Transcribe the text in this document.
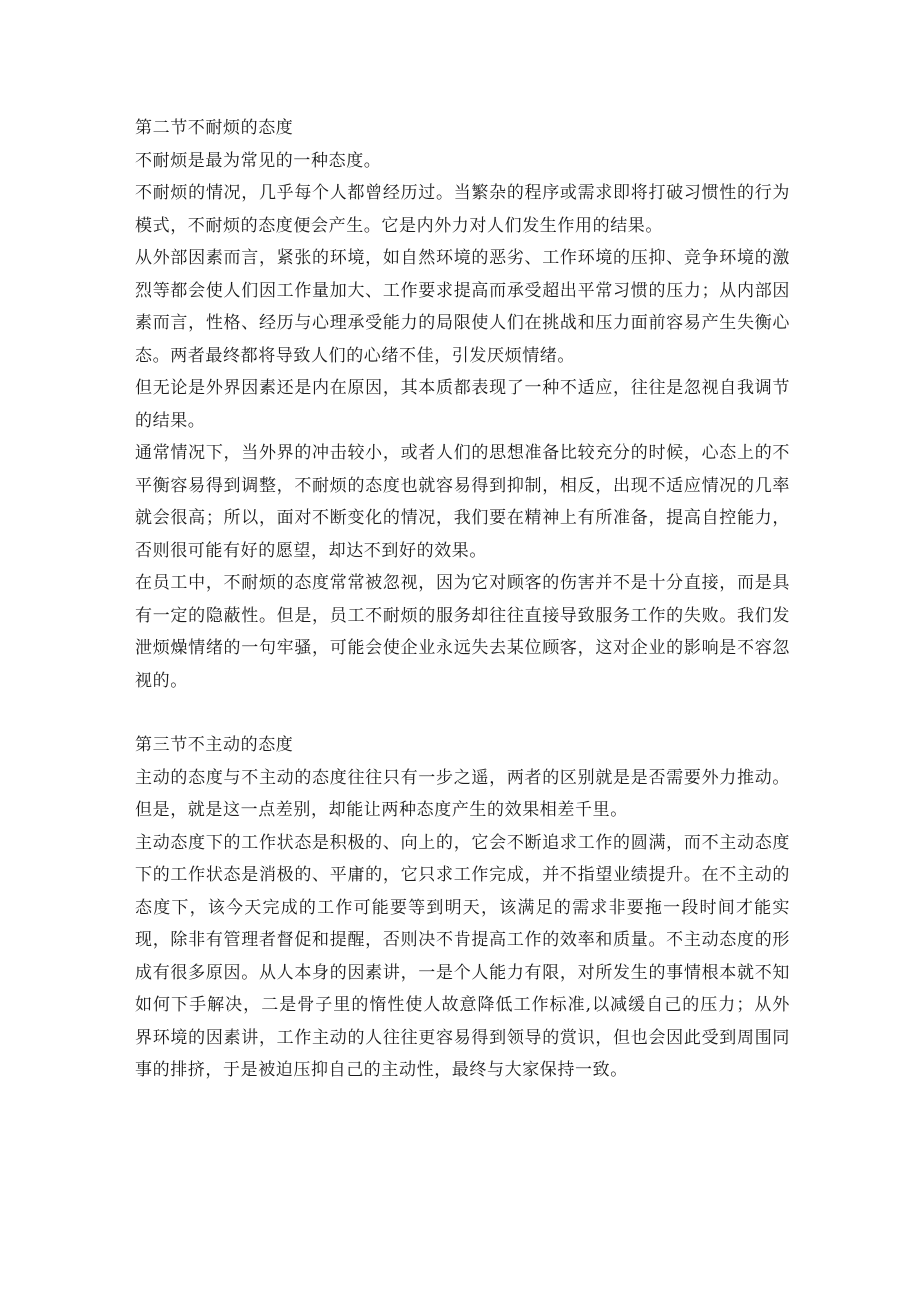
第二节不耐烦的态度

不耐烦是最为常见的一种态度。

不耐烦的情况，几乎每个人都曾经历过。当繁杂的程序或需求即将打破习惯性的行为模式，不耐烦的态度便会产生。它是内外力对人们发生作用的结果。

从外部因素而言，紧张的环境，如自然环境的恶劣、工作环境的压抑、竞争环境的激烈等都会使人们因工作量加大、工作要求提高而承受超出平常习惯的压力；从内部因素而言，性格、经历与心理承受能力的局限使人们在挑战和压力面前容易产生失衡心态。两者最终都将导致人们的心绪不佳，引发厌烦情绪。

但无论是外界因素还是内在原因，其本质都表现了一种不适应，往往是忽视自我调节的结果。

通常情况下，当外界的冲击较小，或者人们的思想准备比较充分的时候，心态上的不平衡容易得到调整，不耐烦的态度也就容易得到抑制，相反，出现不适应情况的几率就会很高；所以，面对不断变化的情况，我们要在精神上有所准备，提高自控能力，否则很可能有好的愿望，却达不到好的效果。

在员工中，不耐烦的态度常常被忽视，因为它对顾客的伤害并不是十分直接，而是具有一定的隐蔽性。但是，员工不耐烦的服务却往往直接导致服务工作的失败。我们发泄烦燥情绪的一句牢骚，可能会使企业永远失去某位顾客，这对企业的影响是不容忽视的。

第三节不主动的态度

主动的态度与不主动的态度往往只有一步之遥，两者的区别就是是否需要外力推动。但是，就是这一点差别，却能让两种态度产生的效果相差千里。

主动态度下的工作状态是积极的、向上的，它会不断追求工作的圆满，而不主动态度下的工作状态是消极的、平庸的，它只求工作完成，并不指望业绩提升。在不主动的态度下，该今天完成的工作可能要等到明天，该满足的需求非要拖一段时间才能实现，除非有管理者督促和提醒，否则决不肯提高工作的效率和质量。不主动态度的形成有很多原因。从人本身的因素讲，一是个人能力有限，对所发生的事情根本就不知如何下手解决，二是骨子里的惰性使人故意降低工作标准,以减缓自己的压力；从外界环境的因素讲，工作主动的人往往更容易得到领导的赏识，但也会因此受到周围同事的排挤，于是被迫压抑自己的主动性，最终与大家保持一致。
